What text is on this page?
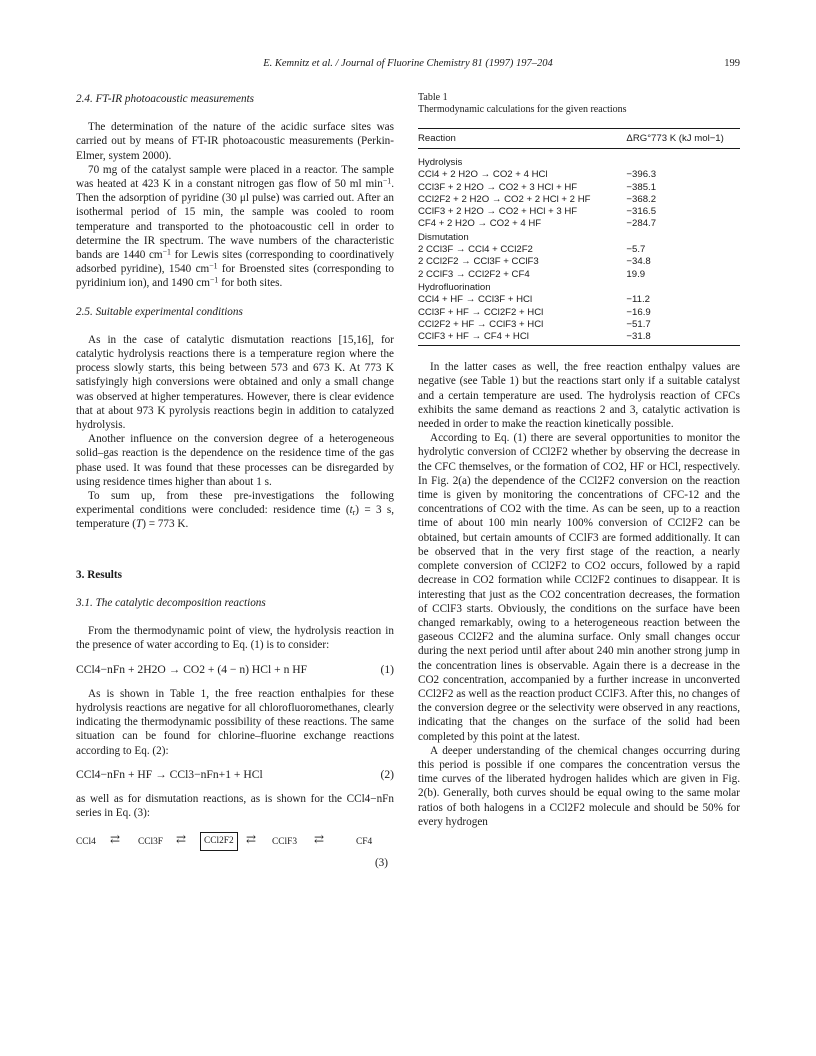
E. Kemnitz et al. / Journal of Fluorine Chemistry 81 (1997) 197–204	199
2.4. FT-IR photoacoustic measurements

The determination of the nature of the acidic surface sites was carried out by means of FT-IR photoacoustic measurements (Perkin-Elmer, system 2000).

70 mg of the catalyst sample were placed in a reactor. The sample was heated at 423 K in a constant nitrogen gas flow of 50 ml $\min^{-1}$. Then the adsorption of pyridine (30 μl pulse) was carried out. After an isothermal period of 15 min, the sample was cooled to room temperature and transported to the photoacoustic cell in order to determine the IR spectrum. The wave numbers of the characteristic bands are 1440 $cm^{-1}$ for Lewis sites (corresponding to coordinatively adsorbed pyridine), 1540 $cm^{-1}$ for Broensted sites (corresponding to pyridinium ion), and 1490 $cm^{-1}$ for both sites.

2.5. Suitable experimental conditions

As in the case of catalytic dismutation reactions [15,16], for catalytic hydrolysis reactions there is a temperature region where the process slowly starts, this being between 573 and 673 K. At 773 K satisfyingly high conversions were obtained and only a small change was observed at higher temperatures. However, there is clear evidence that at about 973 K pyrolysis reactions begin in addition to catalyzed hydrolysis.

Another influence on the conversion degree of a heterogeneous solid–gas reaction is the dependence on the residence time of the gas phase used. It was found that these processes can be disregarded by using residence times higher than about 1 s.

To sum up, from these pre-investigations the following experimental conditions were concluded: residence time $(t_r) = 3$ s, temperature (T) = 773 K.

3. Results
3.1. The catalytic decomposition reactions

From the thermodynamic point of view, the hydrolysis reaction in the presence of water according to Eq. (1) is to consider:

CCl4−nFn + 2H2O → CO2 + (4 − n) HCl + n HF	(1)

As is shown in Table 1, the free reaction enthalpies for these hydrolysis reactions are negative for all chlorofluoromethanes, clearly indicating the thermodynamic possibility of these reactions. The same situation can be found for chlorine–fluorine exchange reactions according to Eq. (2):

CCl4−nFn + HF → CCl3−nFn+1 + HCl	(2)

as well as for dismutation reactions, as is shown for the CCl4−nFn series in Eq. (3):

CCl4 ⇄ CCl3F ⇄	CCl2F2	⇄ CClF3 ⇄	CF4
(3)
Table 1
Thermodynamic calculations for the given reactions
Reaction	ΔRG°773 K (kJ mol−1)
Hydrolysis	
CCl4 + 2 H2O → CO2 + 4 HCl	−396.3
CCl3F + 2 H2O → CO2 + 3 HCl + HF	−385.1
CCl2F2 + 2 H2O → CO2 + 2 HCl + 2 HF	−368.2
CClF3 + 2 H2O → CO2 + HCl + 3 HF	−316.5
CF4 + 2 H2O → CO2 + 4 HF	−284.7
Dismutation	
2 CCl3F → CCl4 + CCl2F2	−5.7
2 CCl2F2 → CCl3F + CClF3	−34.8
2 CClF3 → CCl2F2 + CF4	19.9
Hydrofluorination	
CCl4 + HF → CCl3F + HCl	−11.2
CCl3F + HF → CCl2F2 + HCl	−16.9
CCl2F2 + HF → CClF3 + HCl	−51.7
CClF3 + HF → CF4 + HCl	−31.8

In the latter cases as well, the free reaction enthalpy values are negative (see Table 1) but the reactions start only if a suitable catalyst and a certain temperature are used. The hydrolysis reaction of CFCs exhibits the same demand as reactions 2 and 3, catalytic activation is needed in order to make the reaction kinetically possible.

According to Eq. (1) there are several opportunities to monitor the hydrolytic conversion of CCl2F2 whether by observing the decrease in the CFC themselves, or the formation of CO2, HF or HCl, respectively. In Fig. 2(a) the dependence of the CCl2F2 conversion on the reaction time is given by monitoring the concentrations of CFC-12 and the concentrations of CO2 with the time. As can be seen, up to a reaction time of about 100 min nearly 100% conversion of CCl2F2 can be obtained, but certain amounts of CClF3 are formed additionally. It can be observed that in the very first stage of the reaction, a nearly complete conversion of CCl2F2 to CO2 occurs, followed by a rapid decrease in CO2 formation while CCl2F2 continues to disappear. It is interesting that just as the CO2 concentration decreases, the formation of CClF3 starts. Obviously, the conditions on the surface have been changed remarkably, owing to a heterogeneous reaction between the gaseous CCl2F2 and the alumina surface. Only small changes occur during the next period until after about 240 min another strong jump in the concentration lines is observable. Again there is a decrease in the CO2 concentration, accompanied by a further increase in unconverted CCl2F2 as well as the reaction product CClF3. After this, no changes of the conversion degree or the selectivity were observed in any reactions, indicating that the changes on the surface of the solid had been completed by this point at the latest.

A deeper understanding of the chemical changes occurring during this period is possible if one compares the concentration versus the time curves of the liberated hydrogen halides which are given in Fig. 2(b). Generally, both curves should be equal owing to the same molar ratios of both halogens in a CCl2F2 molecule and should be 50% for every hydrogen
